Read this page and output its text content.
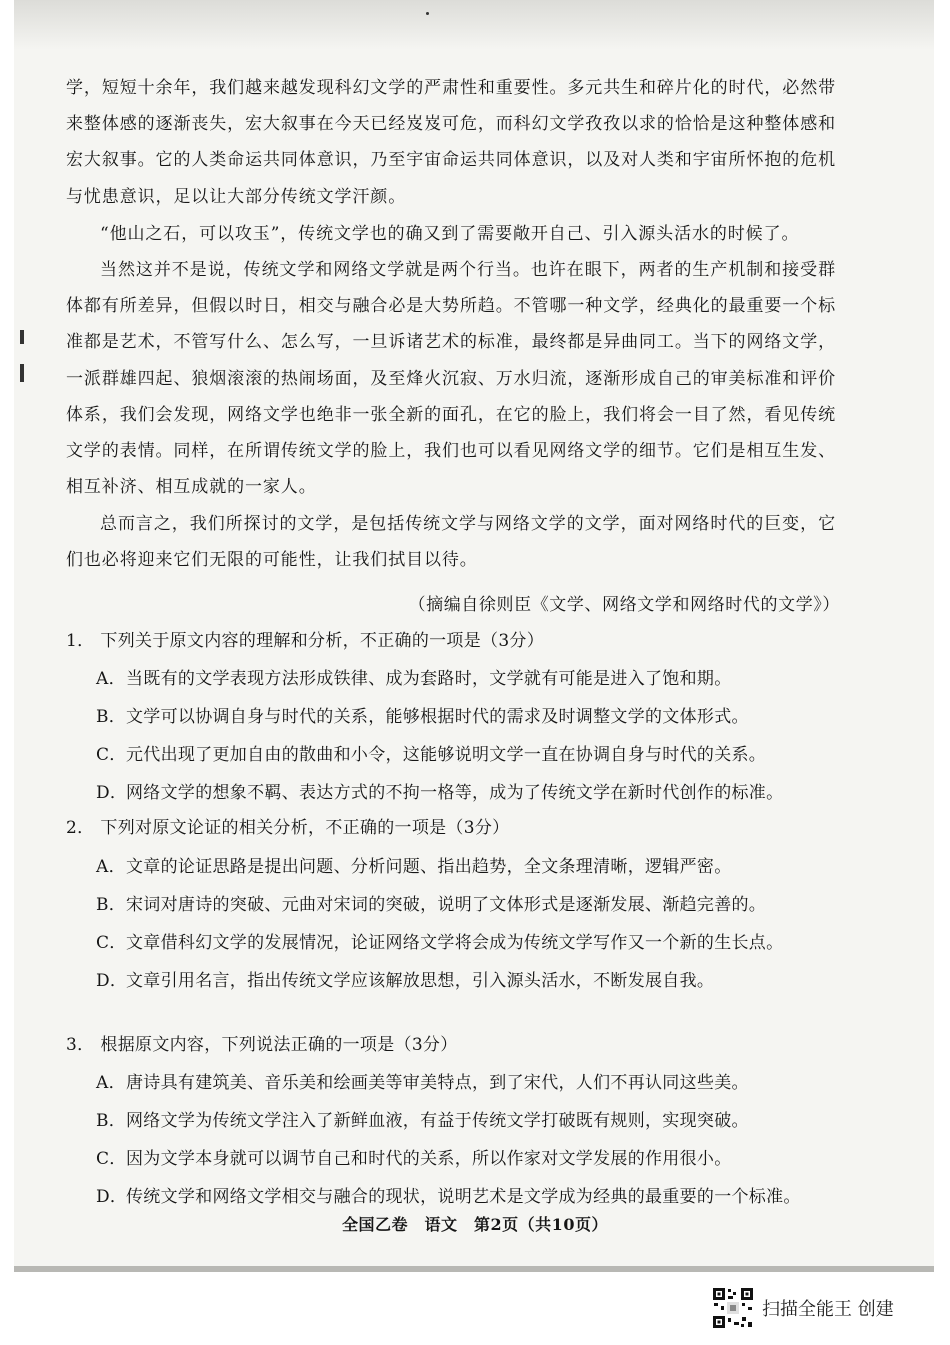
学，短短十余年，我们越来越发现科幻文学的严肃性和重要性。多元共生和碎片化的时代，必然带来整体感的逐渐丧失，宏大叙事在今天已经岌岌可危，而科幻文学孜孜以求的恰恰是这种整体感和宏大叙事。它的人类命运共同体意识，乃至宇宙命运共同体意识，以及对人类和宇宙所怀抱的危机与忧患意识，足以让大部分传统文学汗颜。

“他山之石，可以攻玉”，传统文学也的确又到了需要敞开自己、引入源头活水的时候了。

当然这并不是说，传统文学和网络文学就是两个行当。也许在眼下，两者的生产机制和接受群体都有所差异，但假以时日，相交与融合必是大势所趋。不管哪一种文学，经典化的最重要一个标准都是艺术，不管写什么、怎么写，一旦诉诸艺术的标准，最终都是异曲同工。当下的网络文学，一派群雄四起、狼烟滚滚的热闹场面，及至烽火沉寂、万水归流，逐渐形成自己的审美标准和评价体系，我们会发现，网络文学也绝非一张全新的面孔，在它的脸上，我们将会一目了然，看见传统文学的表情。同样，在所谓传统文学的脸上，我们也可以看见网络文学的细节。它们是相互生发、相互补济、相互成就的一家人。

总而言之，我们所探讨的文学，是包括传统文学与网络文学的文学，面对网络时代的巨变，它们也必将迎来它们无限的可能性，让我们拭目以待。

（摘编自徐则臣《文学、网络文学和网络时代的文学》）
1． 下列关于原文内容的理解和分析，不正确的一项是（3分）
A．当既有的文学表现方法形成铁律、成为套路时，文学就有可能是进入了饱和期。
B．文学可以协调自身与时代的关系，能够根据时代的需求及时调整文学的文体形式。
C．元代出现了更加自由的散曲和小令，这能够说明文学一直在协调自身与时代的关系。
D．网络文学的想象不羁、表达方式的不拘一格等，成为了传统文学在新时代创作的标准。
2． 下列对原文论证的相关分析，不正确的一项是（3分）
A．文章的论证思路是提出问题、分析问题、指出趋势，全文条理清晰，逻辑严密。
B．宋词对唐诗的突破、元曲对宋词的突破，说明了文体形式是逐渐发展、渐趋完善的。
C．文章借科幻文学的发展情况，论证网络文学将会成为传统文学写作又一个新的生长点。
D．文章引用名言，指出传统文学应该解放思想，引入源头活水，不断发展自我。
3． 根据原文内容，下列说法正确的一项是（3分）
A．唐诗具有建筑美、音乐美和绘画美等审美特点，到了宋代，人们不再认同这些美。
B．网络文学为传统文学注入了新鲜血液，有益于传统文学打破既有规则，实现突破。
C．因为文学本身就可以调节自己和时代的关系，所以作家对文学发展的作用很小。
D．传统文学和网络文学相交与融合的现状，说明艺术是文学成为经典的最重要的一个标准。
全国乙卷　语文　第2页（共10页）
扫描全能王 创建
